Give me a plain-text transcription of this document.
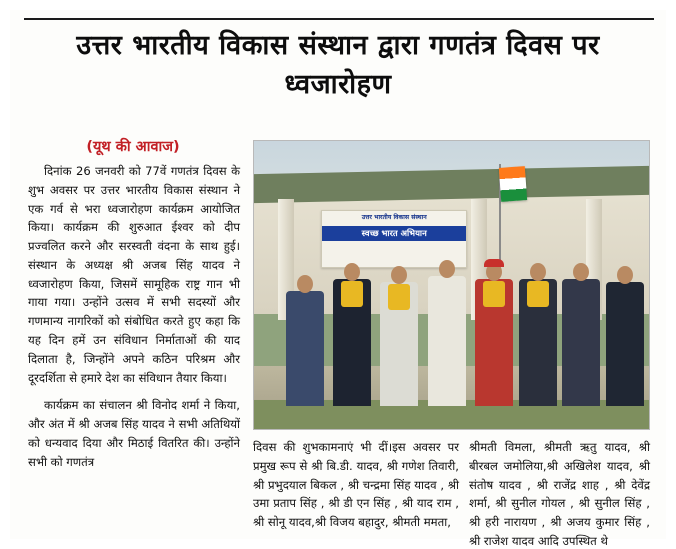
उत्तर भारतीय विकास संस्थान द्वारा गणतंत्र दिवस पर ध्वजारोहण
(यूथ की आवाज)

दिनांक 26 जनवरी को 77वें गणतंत्र दिवस के शुभ अवसर पर उत्तर भारतीय विकास संस्थान ने एक गर्व से भरा ध्वजारोहण कार्यक्रम आयोजित किया। कार्यक्रम की शुरुआत ईश्वर को दीप प्रज्वलित करने और सरस्वती वंदना के साथ हुई। संस्थान के अध्यक्ष श्री अजब सिंह यादव ने ध्वजारोहण किया, जिसमें सामूहिक राष्ट्र गान भी गाया गया। उन्होंने उत्सव में सभी सदस्यों और गणमान्य नागरिकों को संबोधित करते हुए कहा कि यह दिन हमें उन संविधान निर्माताओं की याद दिलाता है, जिन्होंने अपने कठिन परिश्रम और दूरदर्शिता से हमारे देश का संविधान तैयार किया।

कार्यक्रम का संचालन श्री विनोद शर्मा ने किया, और अंत में श्री अजब सिंह यादव ने सभी अतिथियों को धन्यवाद दिया और मिठाई वितरित की। उन्होंने सभी को गणतंत्र

उत्तर भारतीय विकास संस्थान
स्वच्छ भारत अभियान

दिवस की शुभकामनाएं भी दीं।इस अवसर पर प्रमुख रूप से श्री बि.डी. यादव, श्री गणेश तिवारी, श्री प्रभुदयाल बिकल , श्री चन्द्रमा सिंह यादव , श्री उमा प्रताप सिंह , श्री डी एन सिंह , श्री याद राम , श्री सोनू यादव,श्री विजय बहादुर, श्रीमती ममता,

श्रीमती विमला, श्रीमती ऋतु यादव, श्री बीरबल जमोलिया,श्री अखिलेश यादव, श्री संतोष यादव , श्री राजेंद्र शाह , श्री देवेंद्र शर्मा, श्री सुनील गोयल , श्री सुनील सिंह , श्री हरी नारायण , श्री अजय कुमार सिंह , श्री राजेश यादव आदि उपस्थित थे
